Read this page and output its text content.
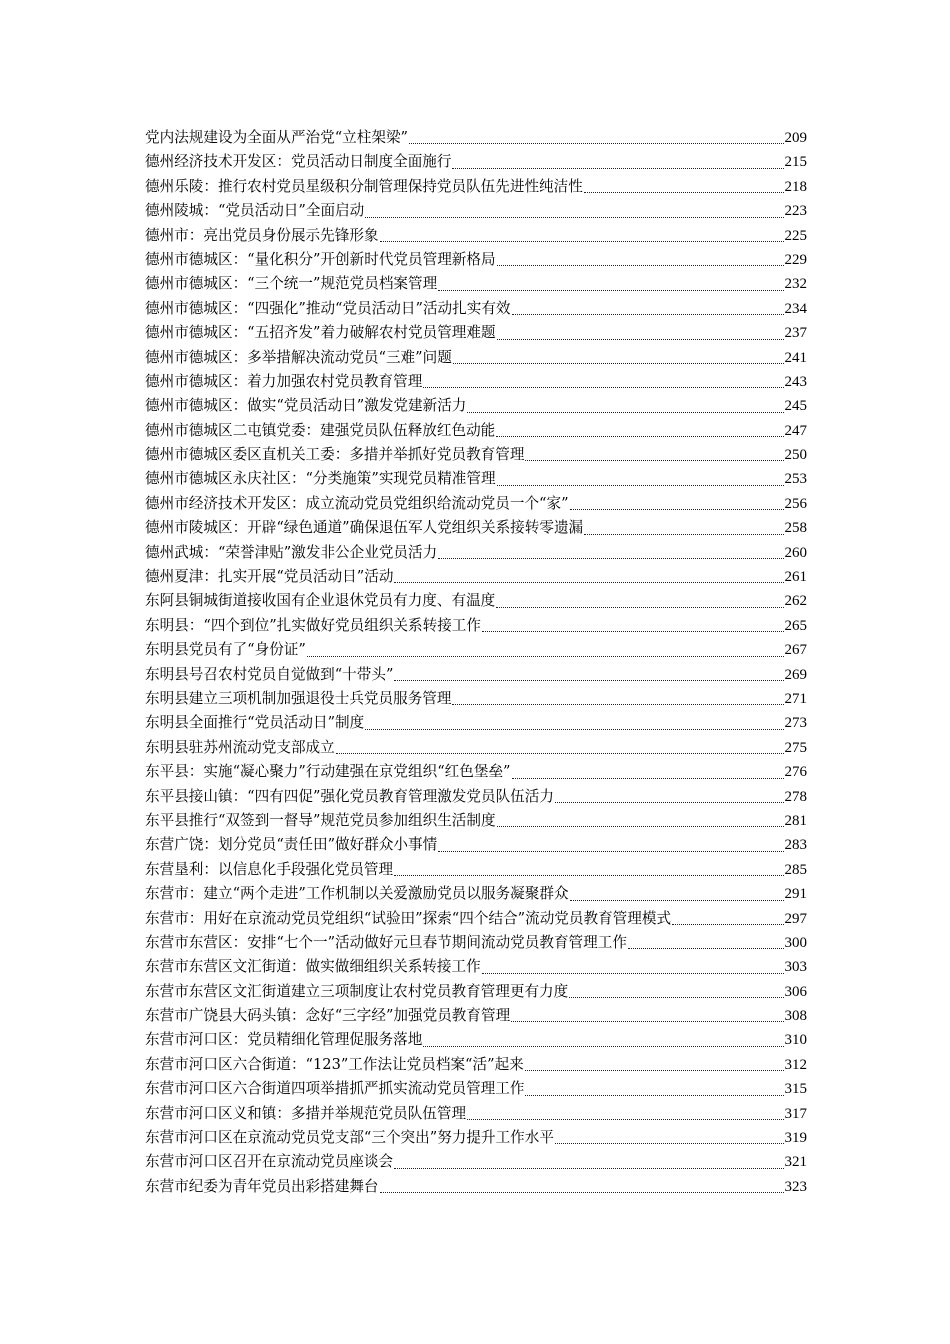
党内法规建设为全面从严治党“立柱架梁”	209
德州经济技术开发区：党员活动日制度全面施行	215
德州乐陵：推行农村党员星级积分制管理保持党员队伍先进性纯洁性	218
德州陵城：“党员活动日”全面启动	223
德州市：亮出党员身份展示先锋形象	225
德州市德城区：“量化积分”开创新时代党员管理新格局	229
德州市德城区：“三个统一”规范党员档案管理	232
德州市德城区：“四强化”推动“党员活动日”活动扎实有效	234
德州市德城区：“五招齐发”着力破解农村党员管理难题	237
德州市德城区：多举措解决流动党员“三难”问题	241
德州市德城区：着力加强农村党员教育管理	243
德州市德城区：做实“党员活动日”激发党建新活力	245
德州市德城区二屯镇党委：建强党员队伍释放红色动能	247
德州市德城区委区直机关工委：多措并举抓好党员教育管理	250
德州市德城区永庆社区：“分类施策”实现党员精准管理	253
德州市经济技术开发区：成立流动党员党组织给流动党员一个“家”	256
德州市陵城区：开辟“绿色通道”确保退伍军人党组织关系接转零遗漏	258
德州武城：“荣誉津贴”激发非公企业党员活力	260
德州夏津：扎实开展“党员活动日”活动	261
东阿县铜城街道接收国有企业退休党员有力度、有温度	262
东明县：“四个到位”扎实做好党员组织关系转接工作	265
东明县党员有了“身份证”	267
东明县号召农村党员自觉做到“十带头”	269
东明县建立三项机制加强退役士兵党员服务管理	271
东明县全面推行“党员活动日”制度	273
东明县驻苏州流动党支部成立	275
东平县：实施“凝心聚力”行动建强在京党组织“红色堡垒”	276
东平县接山镇：“四有四促”强化党员教育管理激发党员队伍活力	278
东平县推行“双签到一督导”规范党员参加组织生活制度	281
东营广饶：划分党员“责任田”做好群众小事情	283
东营垦利：以信息化手段强化党员管理	285
东营市：建立“两个走进”工作机制以关爱激励党员以服务凝聚群众	291
东营市：用好在京流动党员党组织“试验田”探索“四个结合”流动党员教育管理模式	297
东营市东营区：安排“七个一”活动做好元旦春节期间流动党员教育管理工作	300
东营市东营区文汇街道：做实做细组织关系转接工作	303
东营市东营区文汇街道建立三项制度让农村党员教育管理更有力度	306
东营市广饶县大码头镇：念好“三字经”加强党员教育管理	308
东营市河口区：党员精细化管理促服务落地	310
东营市河口区六合街道：“123”工作法让党员档案“活”起来	312
东营市河口区六合街道四项举措抓严抓实流动党员管理工作	315
东营市河口区义和镇：多措并举规范党员队伍管理	317
东营市河口区在京流动党员党支部“三个突出”努力提升工作水平	319
东营市河口区召开在京流动党员座谈会	321
东营市纪委为青年党员出彩搭建舞台	323
